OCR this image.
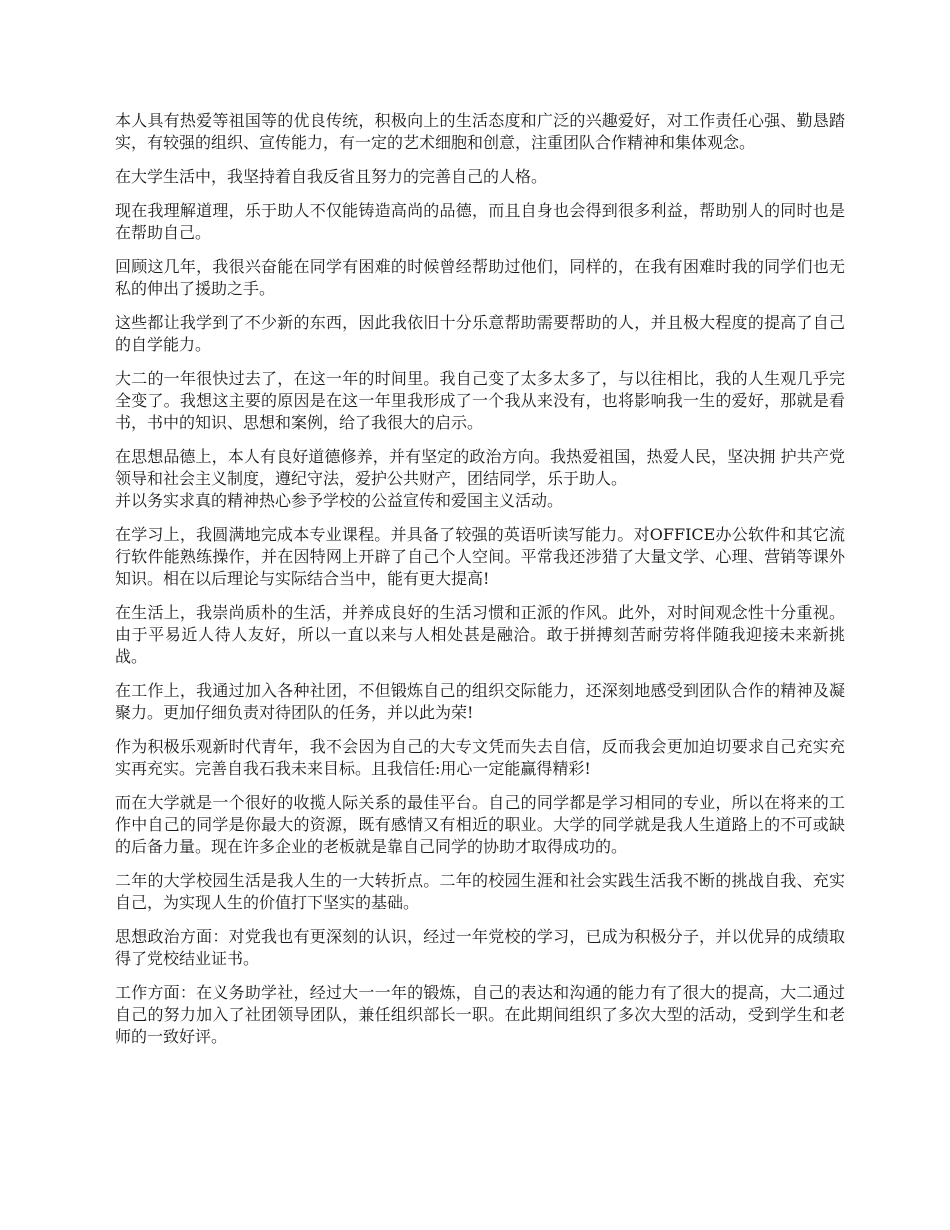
本人具有热爱等祖国等的优良传统，积极向上的生活态度和广泛的兴趣爱好，对工作责任心强、勤恳踏实，有较强的组织、宣传能力，有一定的艺术细胞和创意，注重团队合作精神和集体观念。

在大学生活中，我坚持着自我反省且努力的完善自己的人格。

现在我理解道理，乐于助人不仅能铸造高尚的品德，而且自身也会得到很多利益，帮助别人的同时也是在帮助自己。

回顾这几年，我很兴奋能在同学有困难的时候曾经帮助过他们，同样的，在我有困难时我的同学们也无私的伸出了援助之手。

这些都让我学到了不少新的东西，因此我依旧十分乐意帮助需要帮助的人，并且极大程度的提高了自己的自学能力。

大二的一年很快过去了，在这一年的时间里。我自己变了太多太多了，与以往相比，我的人生观几乎完全变了。我想这主要的原因是在这一年里我形成了一个我从来没有，也将影响我一生的爱好，那就是看书，书中的知识、思想和案例，给了我很大的启示。

在思想品德上，本人有良好道德修养，并有坚定的政治方向。我热爱祖国，热爱人民，坚决拥 护共产党领导和社会主义制度，遵纪守法，爱护公共财产，团结同学，乐于助人。
并以务实求真的精神热心参予学校的公益宣传和爱国主义活动。

在学习上，我圆满地完成本专业课程。并具备了较强的英语听读写能力。对OFFICE办公软件和其它流行软件能熟练操作，并在因特网上开辟了自己个人空间。平常我还涉猎了大量文学、心理、营销等课外知识。相在以后理论与实际结合当中，能有更大提高!

在生活上，我崇尚质朴的生活，并养成良好的生活习惯和正派的作风。此外，对时间观念性十分重视。由于平易近人待人友好，所以一直以来与人相处甚是融洽。敢于拼搏刻苦耐劳将伴随我迎接未来新挑战。

在工作上，我通过加入各种社团，不但锻炼自己的组织交际能力，还深刻地感受到团队合作的精神及凝聚力。更加仔细负责对待团队的任务，并以此为荣!

作为积极乐观新时代青年，我不会因为自己的大专文凭而失去自信，反而我会更加迫切要求自己充实充实再充实。完善自我石我未来目标。且我信任:用心一定能赢得精彩!

而在大学就是一个很好的收揽人际关系的最佳平台。自己的同学都是学习相同的专业，所以在将来的工作中自己的同学是你最大的资源，既有感情又有相近的职业。大学的同学就是我人生道路上的不可或缺的后备力量。现在许多企业的老板就是靠自己同学的协助才取得成功的。

二年的大学校园生活是我人生的一大转折点。二年的校园生涯和社会实践生活我不断的挑战自我、充实自己，为实现人生的价值打下坚实的基础。

思想政治方面：对党我也有更深刻的认识，经过一年党校的学习，已成为积极分子，并以优异的成绩取得了党校结业证书。

工作方面：在义务助学社，经过大一一年的锻炼，自己的表达和沟通的能力有了很大的提高，大二通过自己的努力加入了社团领导团队，兼任组织部长一职。在此期间组织了多次大型的活动，受到学生和老师的一致好评。
